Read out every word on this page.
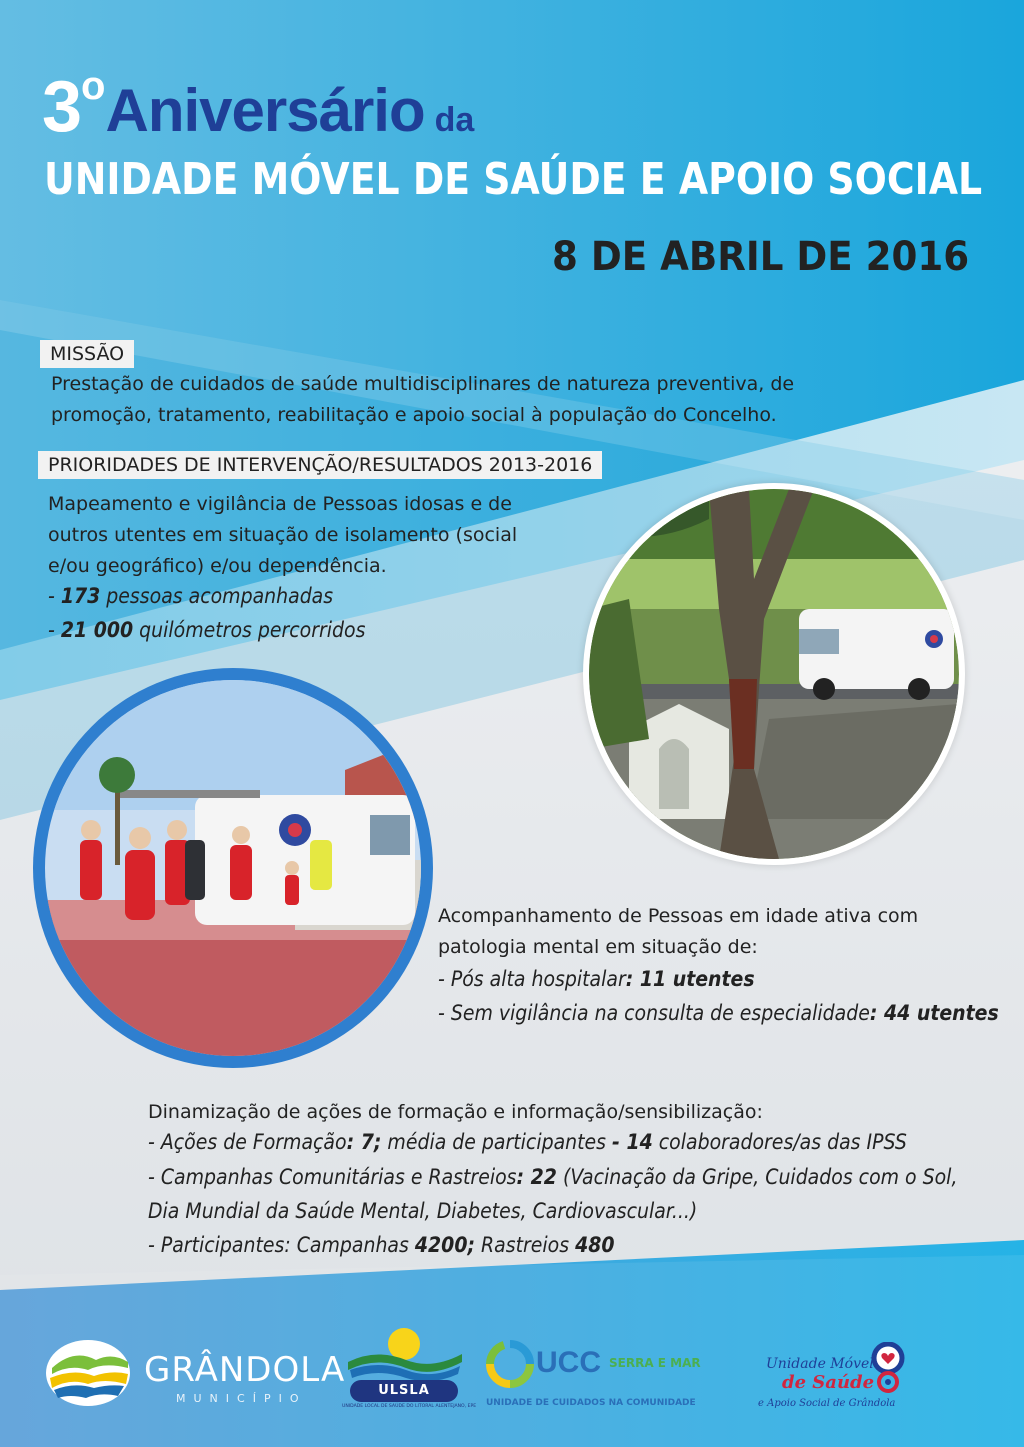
3oAniversário da
UNIDADE MÓVEL DE SAÚDE E APOIO SOCIAL
8 DE ABRIL DE 2016
MISSÃO
Prestação de cuidados de saúde multidisciplinares de natureza preventiva, de
promoção, tratamento, reabilitação e apoio social à população do Concelho.
PRIORIDADES DE INTERVENÇÃO/RESULTADOS 2013-2016
Mapeamento e vigilância de Pessoas idosas e de
outros utentes em situação de isolamento (social
e/ou geográfico) e/ou dependência.
- 173 pessoas acompanhadas
- 21 000 quilómetros percorridos
Acompanhamento de Pessoas em idade ativa com
patologia mental em situação de:
- Pós alta hospitalar: 11 utentes
- Sem vigilância na consulta de especialidade: 44 utentes
Dinamização de ações de formação e informação/sensibilização:
- Ações de Formação: 7; média de participantes - 14 colaboradores/as das IPSS
- Campanhas Comunitárias e Rastreios: 22 (Vacinação da Gripe, Cuidados com o Sol,
Dia Mundial da Saúde Mental, Diabetes, Cardiovascular...)
- Participantes: Campanhas 4200; Rastreios 480
GRÂNDOLA
MUNICÍPIO
ULSLA
UNIDADE LOCAL DE SAÚDE DO LITORAL ALENTEJANO, EPE
UCC SERRA E MAR
UNIDADE DE CUIDADOS NA COMUNIDADE
Unidade Móvel
de Saúde
e Apoio Social de Grândola
